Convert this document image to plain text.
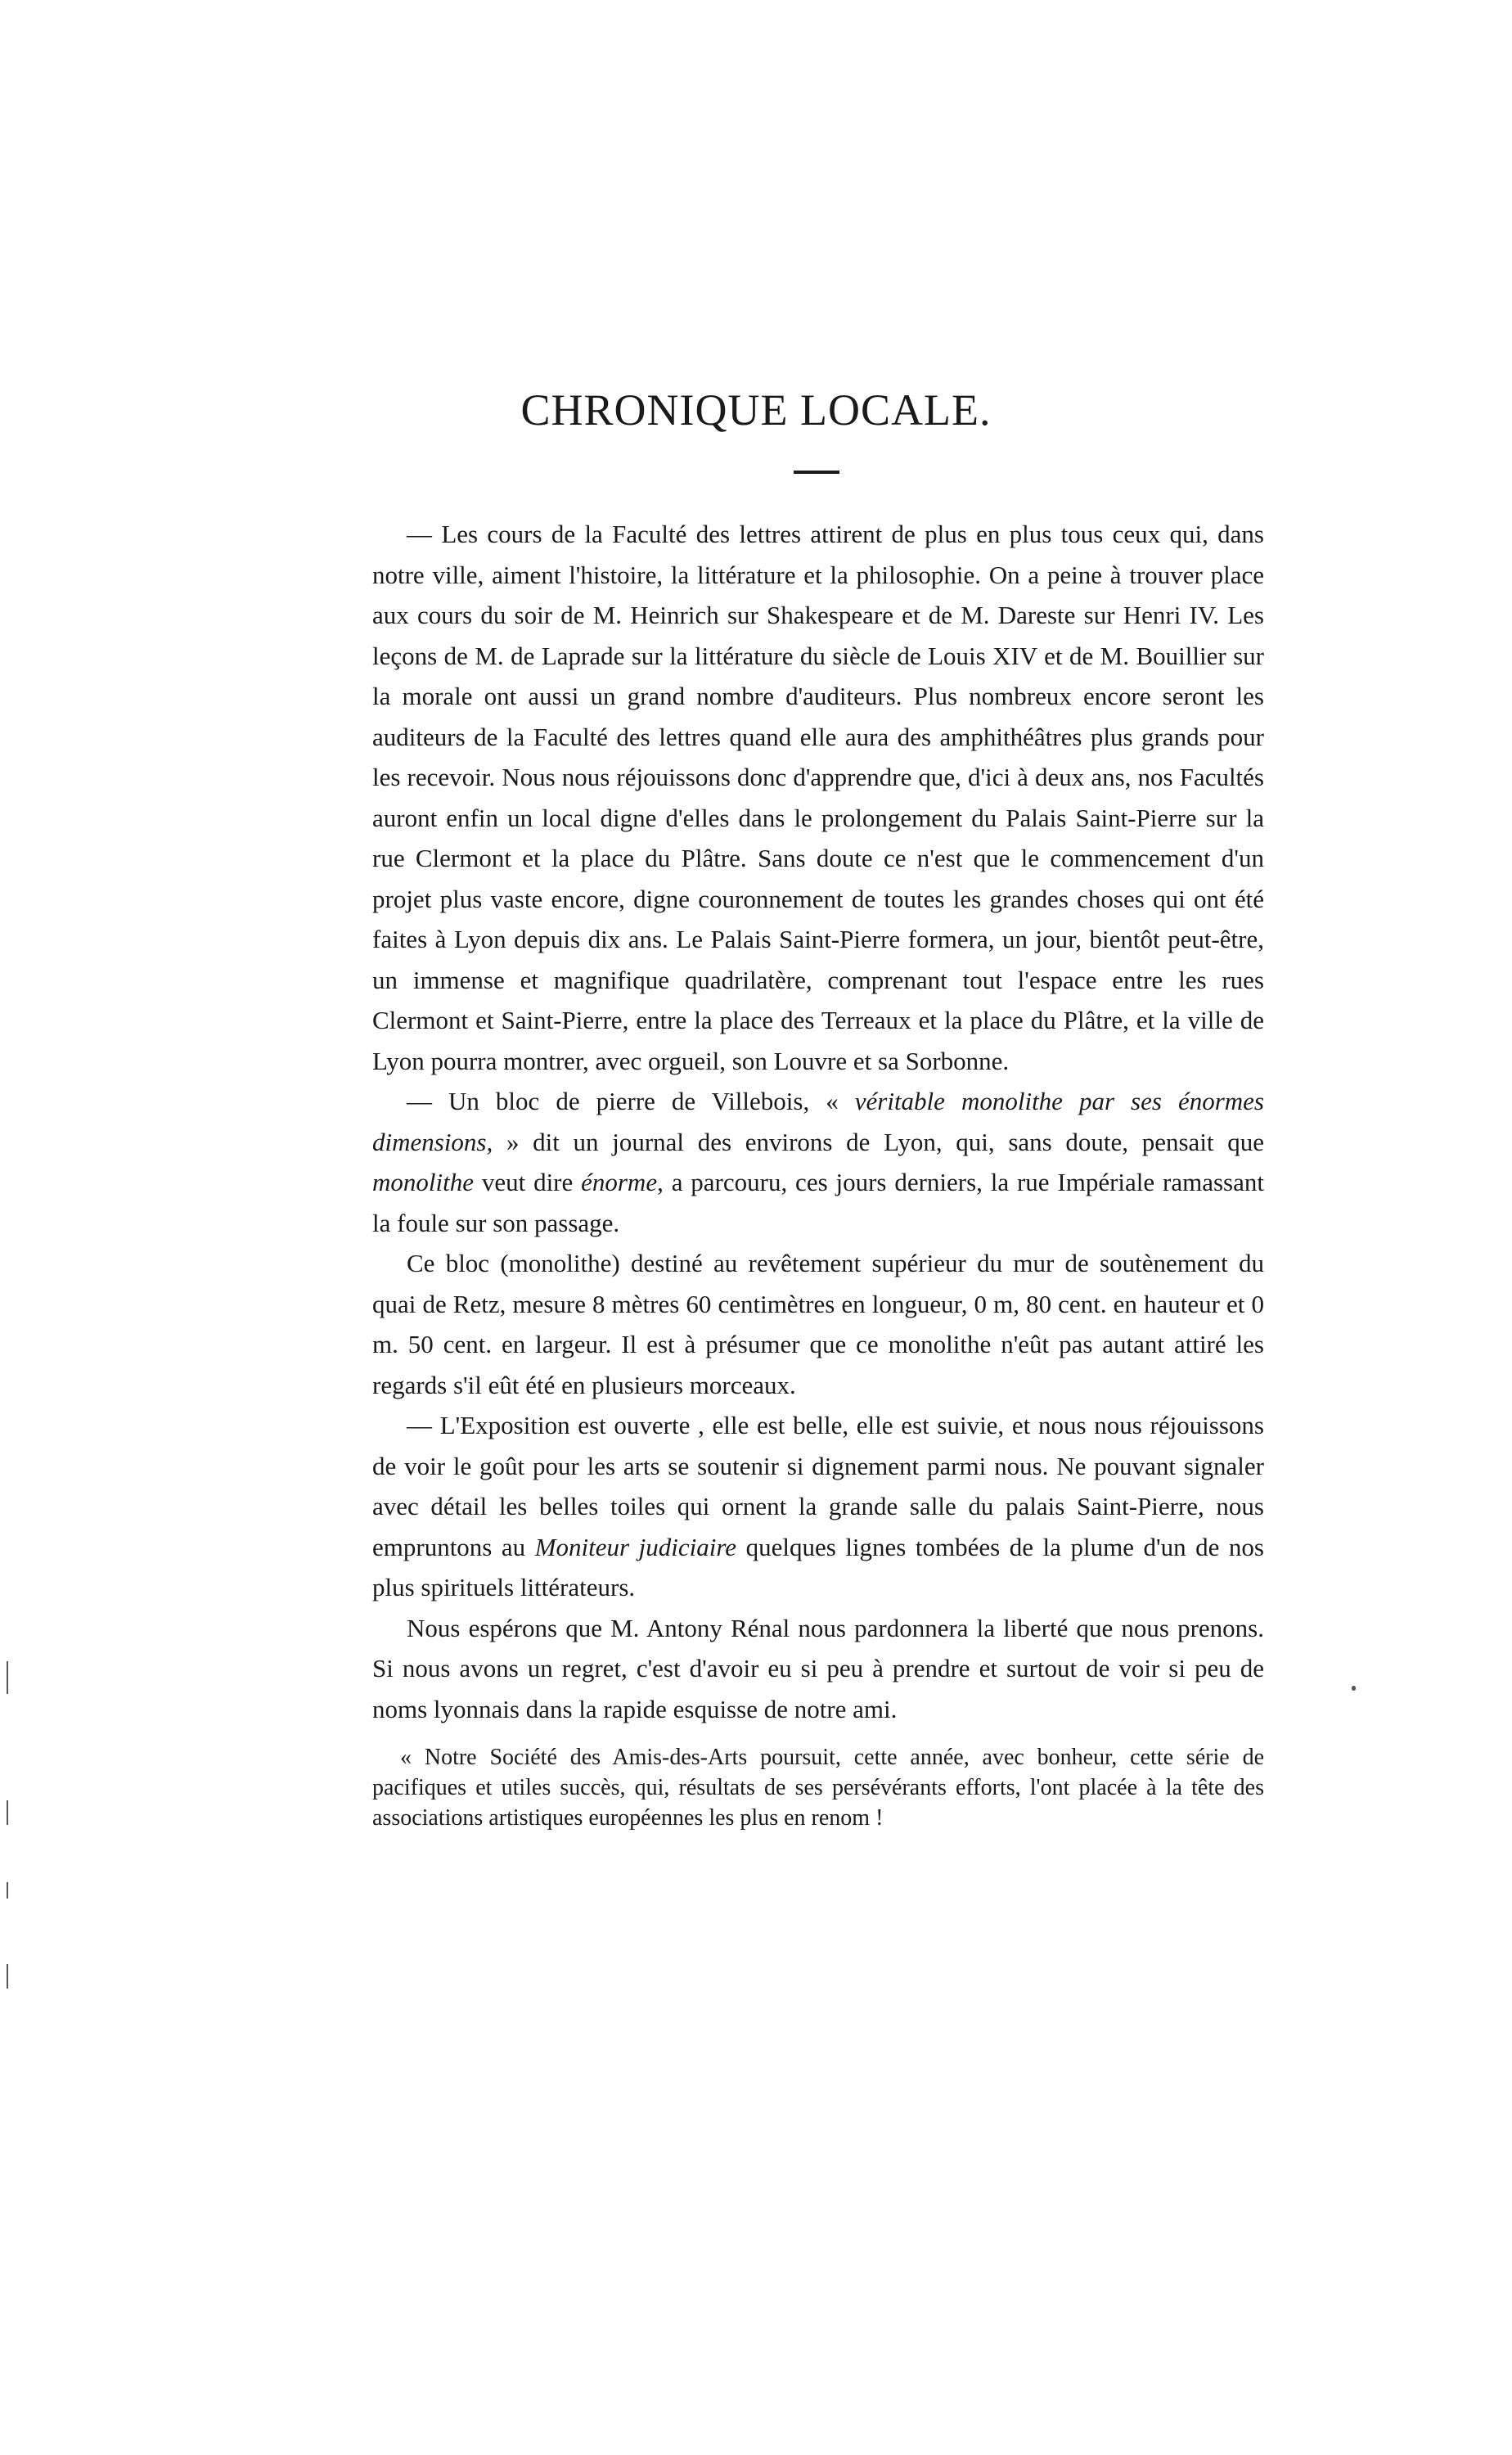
CHRONIQUE LOCALE.

— Les cours de la Faculté des lettres attirent de plus en plus tous ceux qui, dans notre ville, aiment l'histoire, la littérature et la philosophie. On a peine à trouver place aux cours du soir de M. Heinrich sur Shakespeare et de M. Dareste sur Henri IV. Les leçons de M. de Laprade sur la littérature du siècle de Louis XIV et de M. Bouillier sur la morale ont aussi un grand nombre d'auditeurs. Plus nombreux encore seront les auditeurs de la Faculté des lettres quand elle aura des amphithéâtres plus grands pour les recevoir. Nous nous réjouissons donc d'apprendre que, d'ici à deux ans, nos Facultés auront enfin un local digne d'elles dans le prolongement du Palais Saint-Pierre sur la rue Clermont et la place du Plâtre. Sans doute ce n'est que le commencement d'un projet plus vaste encore, digne couronnement de toutes les grandes choses qui ont été faites à Lyon depuis dix ans. Le Palais Saint-Pierre formera, un jour, bientôt peut-être, un immense et magnifique quadrilatère, comprenant tout l'espace entre les rues Clermont et Saint-Pierre, entre la place des Terreaux et la place du Plâtre, et la ville de Lyon pourra montrer, avec orgueil, son Louvre et sa Sorbonne.

— Un bloc de pierre de Villebois, « véritable monolithe par ses énormes dimensions, » dit un journal des environs de Lyon, qui, sans doute, pensait que monolithe veut dire énorme, a parcouru, ces jours derniers, la rue Impériale ramassant la foule sur son passage.

Ce bloc (monolithe) destiné au revêtement supérieur du mur de soutènement du quai de Retz, mesure 8 mètres 60 centimètres en longueur, 0 m, 80 cent. en hauteur et 0 m. 50 cent. en largeur. Il est à présumer que ce monolithe n'eût pas autant attiré les regards s'il eût été en plusieurs morceaux.

— L'Exposition est ouverte , elle est belle, elle est suivie, et nous nous réjouissons de voir le goût pour les arts se soutenir si dignement parmi nous. Ne pouvant signaler avec détail les belles toiles qui ornent la grande salle du palais Saint-Pierre, nous empruntons au Moniteur judiciaire quelques lignes tombées de la plume d'un de nos plus spirituels littérateurs.

Nous espérons que M. Antony Rénal nous pardonnera la liberté que nous prenons. Si nous avons un regret, c'est d'avoir eu si peu à prendre et surtout de voir si peu de noms lyonnais dans la rapide esquisse de notre ami.

« Notre Société des Amis-des-Arts poursuit, cette année, avec bonheur, cette série de pacifiques et utiles succès, qui, résultats de ses persévérants efforts, l'ont placée à la tête des associations artistiques européennes les plus en renom !
